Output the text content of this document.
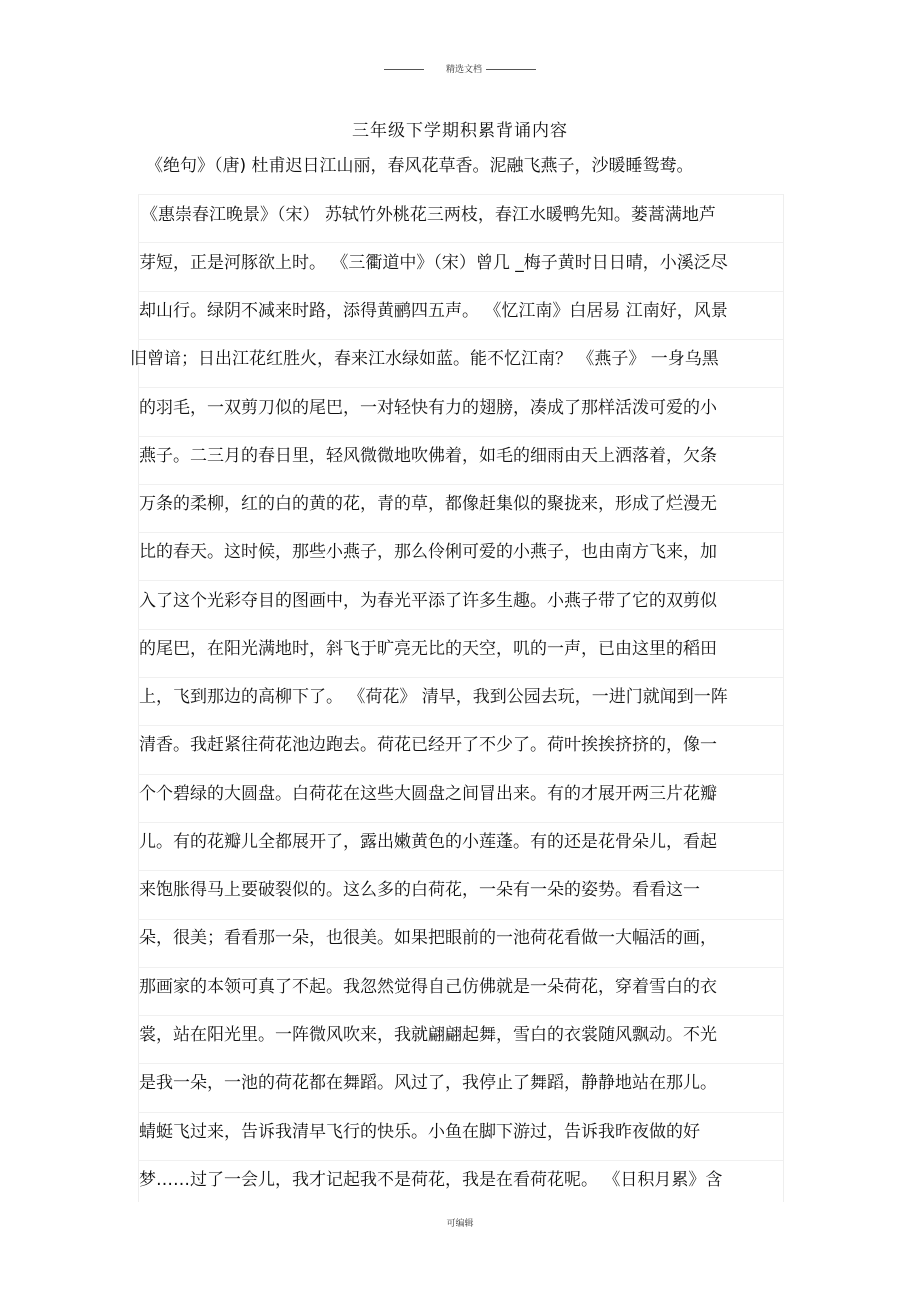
精选文档
三年级下学期积累背诵内容
《绝句》（唐) 杜甫迟日江山丽，春风花草香。泥融飞燕子，沙暖睡鸳鸯。
《惠崇春江晚景》（宋） 苏轼竹外桃花三两枝，春江水暖鸭先知。蒌蒿满地芦
芽短，正是河豚欲上时。 《三衢道中》（宋）曾几 _梅子黄时日日晴，小溪泛尽
却山行。绿阴不减来时路，添得黄鹂四五声。 《忆江南》白居易 江南好，风景
旧曾谙；日出江花红胜火，春来江水绿如蓝。能不忆江南？ 《燕子》 一身乌黑
的羽毛，一双剪刀似的尾巴，一对轻快有力的翅膀，凑成了那样活泼可爱的小
燕子。二三月的春日里，轻风微微地吹佛着，如毛的细雨由天上洒落着，欠条
万条的柔柳，红的白的黄的花，青的草，都像赶集似的聚拢来，形成了烂漫无
比的春天。这时候，那些小燕子，那么伶俐可爱的小燕子，也由南方飞来，加
入了这个光彩夺目的图画中，为春光平添了许多生趣。小燕子带了它的双剪似
的尾巴，在阳光满地时，斜飞于旷亮无比的天空，叽的一声，已由这里的稻田
上，飞到那边的高柳下了。 《荷花》 清早，我到公园去玩，一进门就闻到一阵
清香。我赶紧往荷花池边跑去。荷花已经开了不少了。荷叶挨挨挤挤的，像一
个个碧绿的大圆盘。白荷花在这些大圆盘之间冒出来。有的才展开两三片花瓣
儿。有的花瓣儿全都展开了，露出嫩黄色的小莲蓬。有的还是花骨朵儿，看起
来饱胀得马上要破裂似的。这么多的白荷花，一朵有一朵的姿势。看看这一
朵，很美；看看那一朵，也很美。如果把眼前的一池荷花看做一大幅活的画，
那画家的本领可真了不起。我忽然觉得自己仿佛就是一朵荷花，穿着雪白的衣
裳，站在阳光里。一阵微风吹来，我就翩翩起舞，雪白的衣裳随风飘动。不光
是我一朵，一池的荷花都在舞蹈。风过了，我停止了舞蹈，静静地站在那儿。
蜻蜓飞过来，告诉我清早飞行的快乐。小鱼在脚下游过，告诉我昨夜做的好
梦……过了一会儿，我才记起我不是荷花，我是在看荷花呢。 《日积月累》含
可编辑
